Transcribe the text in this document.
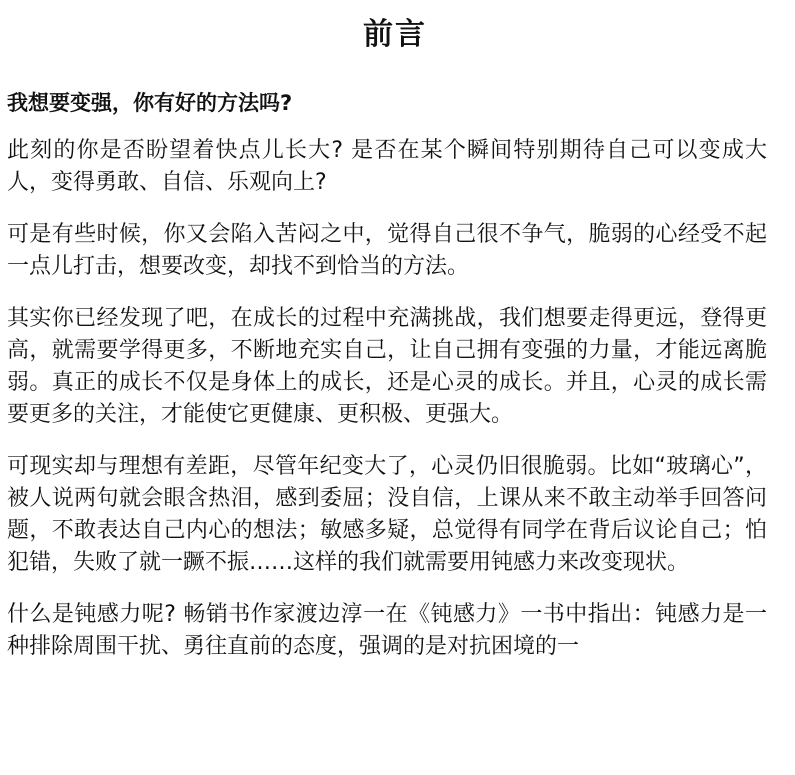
前言
我想要变强，你有好的方法吗?

此刻的你是否盼望着快点儿长大? 是否在某个瞬间特别期待自己可以变成大人，变得勇敢、自信、乐观向上?

可是有些时候，你又会陷入苦闷之中，觉得自己很不争气，脆弱的心经受不起一点儿打击，想要改变，却找不到恰当的方法。

其实你已经发现了吧，在成长的过程中充满挑战，我们想要走得更远，登得更高，就需要学得更多，不断地充实自己，让自己拥有变强的力量，才能远离脆弱。真正的成长不仅是身体上的成长，还是心灵的成长。并且，心灵的成长需要更多的关注，才能使它更健康、更积极、更强大。

可现实却与理想有差距，尽管年纪变大了，心灵仍旧很脆弱。比如“玻璃心”，被人说两句就会眼含热泪，感到委屈；没自信，上课从来不敢主动举手回答问题，不敢表达自己内心的想法；敏感多疑，总觉得有同学在背后议论自己；怕犯错，失败了就一蹶不振……这样的我们就需要用钝感力来改变现状。

什么是钝感力呢? 畅销书作家渡边淳一在《钝感力》一书中指出：钝感力是一种排除周围干扰、勇往直前的态度，强调的是对抗困境的一
